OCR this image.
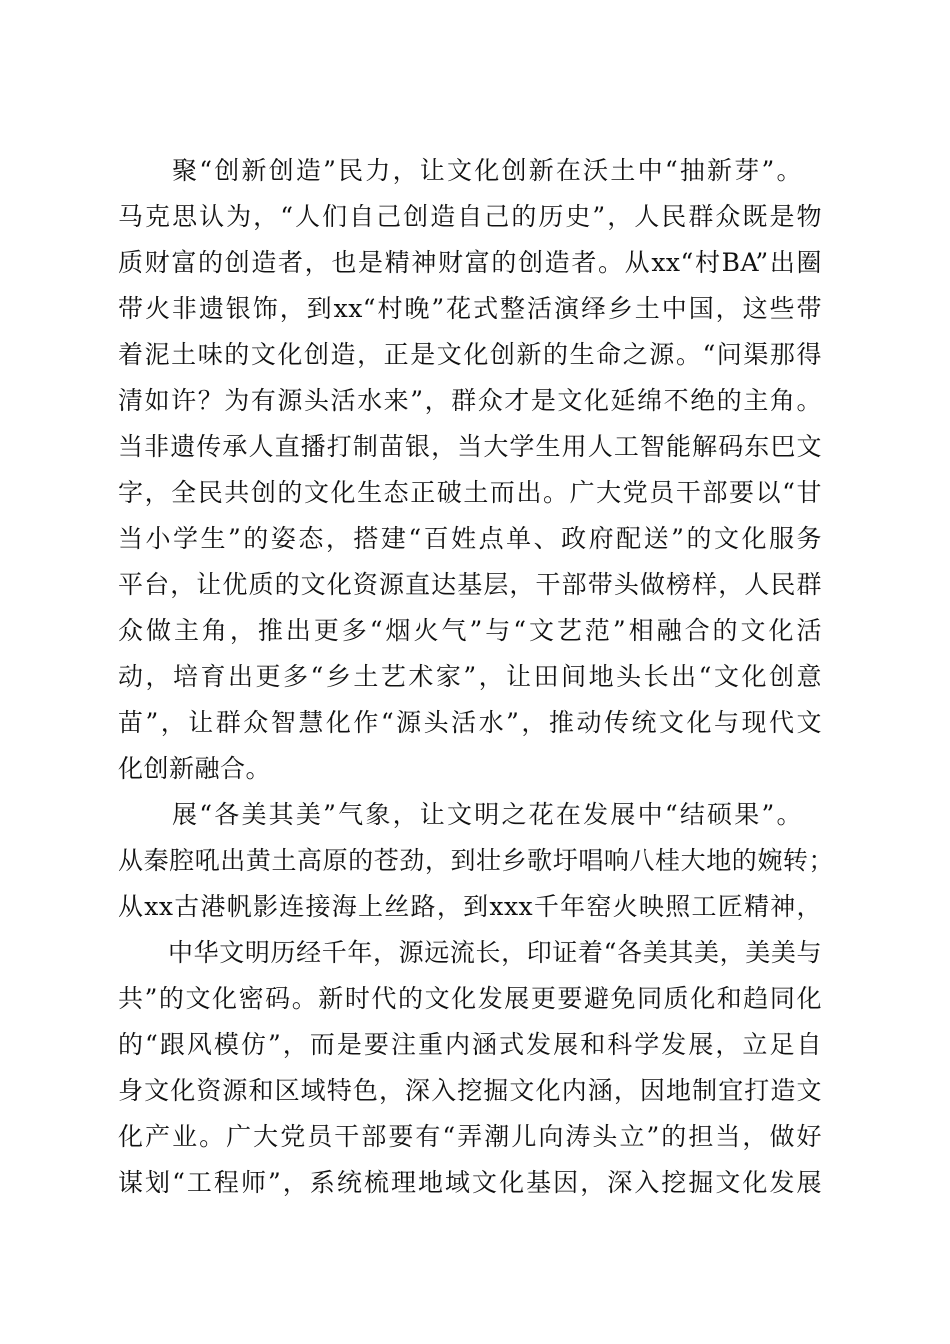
聚“创新创造”民力，让文化创新在沃土中“抽新芽”。
马克思认为，“人们自己创造自己的历史”，人民群众既是物
质财富的创造者，也是精神财富的创造者。从xx“村BA”出圈
带火非遗银饰，到xx“村晚”花式整活演绎乡土中国，这些带
着泥土味的文化创造，正是文化创新的生命之源。“问渠那得
清如许？为有源头活水来”，群众才是文化延绵不绝的主角。
当非遗传承人直播打制苗银，当大学生用人工智能解码东巴文
字，全民共创的文化生态正破土而出。广大党员干部要以“甘
当小学生”的姿态，搭建“百姓点单、政府配送”的文化服务
平台，让优质的文化资源直达基层，干部带头做榜样，人民群
众做主角，推出更多“烟火气”与“文艺范”相融合的文化活
动，培育出更多“乡土艺术家”，让田间地头长出“文化创意
苗”，让群众智慧化作“源头活水”，推动传统文化与现代文
化创新融合。
展“各美其美”气象，让文明之花在发展中“结硕果”。
从秦腔吼出黄土高原的苍劲，到壮乡歌圩唱响八桂大地的婉转；
从xx古港帆影连接海上丝路，到xxx千年窑火映照工匠精神，
中华文明历经千年，源远流长，印证着“各美其美，美美与
共”的文化密码。新时代的文化发展更要避免同质化和趋同化
的“跟风模仿”，而是要注重内涵式发展和科学发展，立足自
身文化资源和区域特色，深入挖掘文化内涵，因地制宜打造文
化产业。广大党员干部要有“弄潮儿向涛头立”的担当，做好
谋划“工程师”，系统梳理地域文化基因，深入挖掘文化发展
